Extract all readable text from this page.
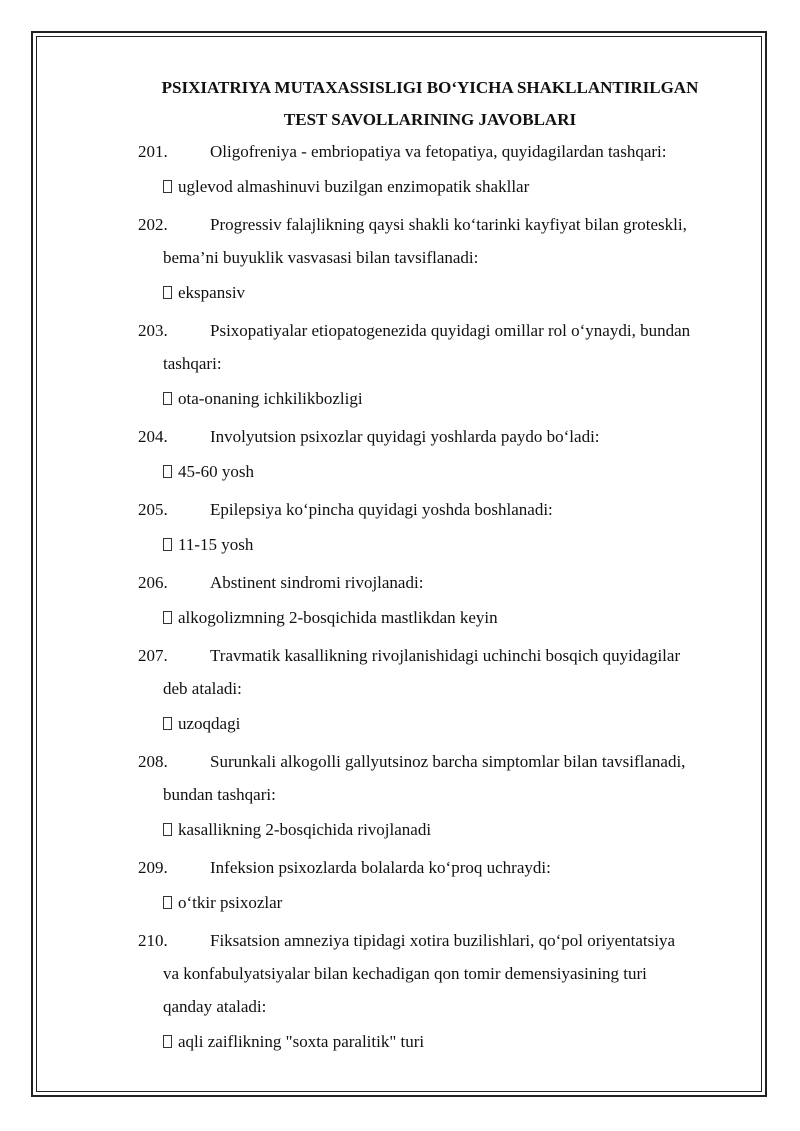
PSIXIATRIYA MUTAXASSISLIGI BO‘YICHA SHAKLLANTIRILGAN
TEST SAVOLLARINING JAVOBLARI
201. Oligofreniya - embriopatiya va fetopatiya, quyidagilardan tashqari:
uglevod almashinuvi buzilgan enzimopatik shakllar
202. Progressiv falajlikning qaysi shakli ko‘tarinki kayfiyat bilan groteskli,
bema’ni buyuklik vasvasasi bilan tavsiflanadi:
ekspansiv
203. Psixopatiyalar etiopatogenezida quyidagi omillar rol o‘ynaydi, bundan
tashqari:
ota-onaning ichkilikbozligi
204. Involyutsion psixozlar quyidagi yoshlarda paydo bo‘ladi:
45-60 yosh
205. Epilepsiya ko‘pincha quyidagi yoshda boshlanadi:
11-15 yosh
206. Abstinent sindromi rivojlanadi:
alkogolizmning 2-bosqichida mastlikdan keyin
207. Travmatik kasallikning rivojlanishidagi uchinchi bosqich quyidagilar
deb ataladi:
uzoqdagi
208. Surunkali alkogolli gallyutsinoz barcha simptomlar bilan tavsiflanadi,
bundan tashqari:
kasallikning 2-bosqichida rivojlanadi
209. Infeksion psixozlarda bolalarda ko‘proq uchraydi:
o‘tkir psixozlar
210. Fiksatsion amneziya tipidagi xotira buzilishlari, qo‘pol oriyentatsiya
va konfabulyatsiyalar bilan kechadigan qon tomir demensiyasining turi
qanday ataladi:
aqli zaiflikning "soxta paralitik" turi
